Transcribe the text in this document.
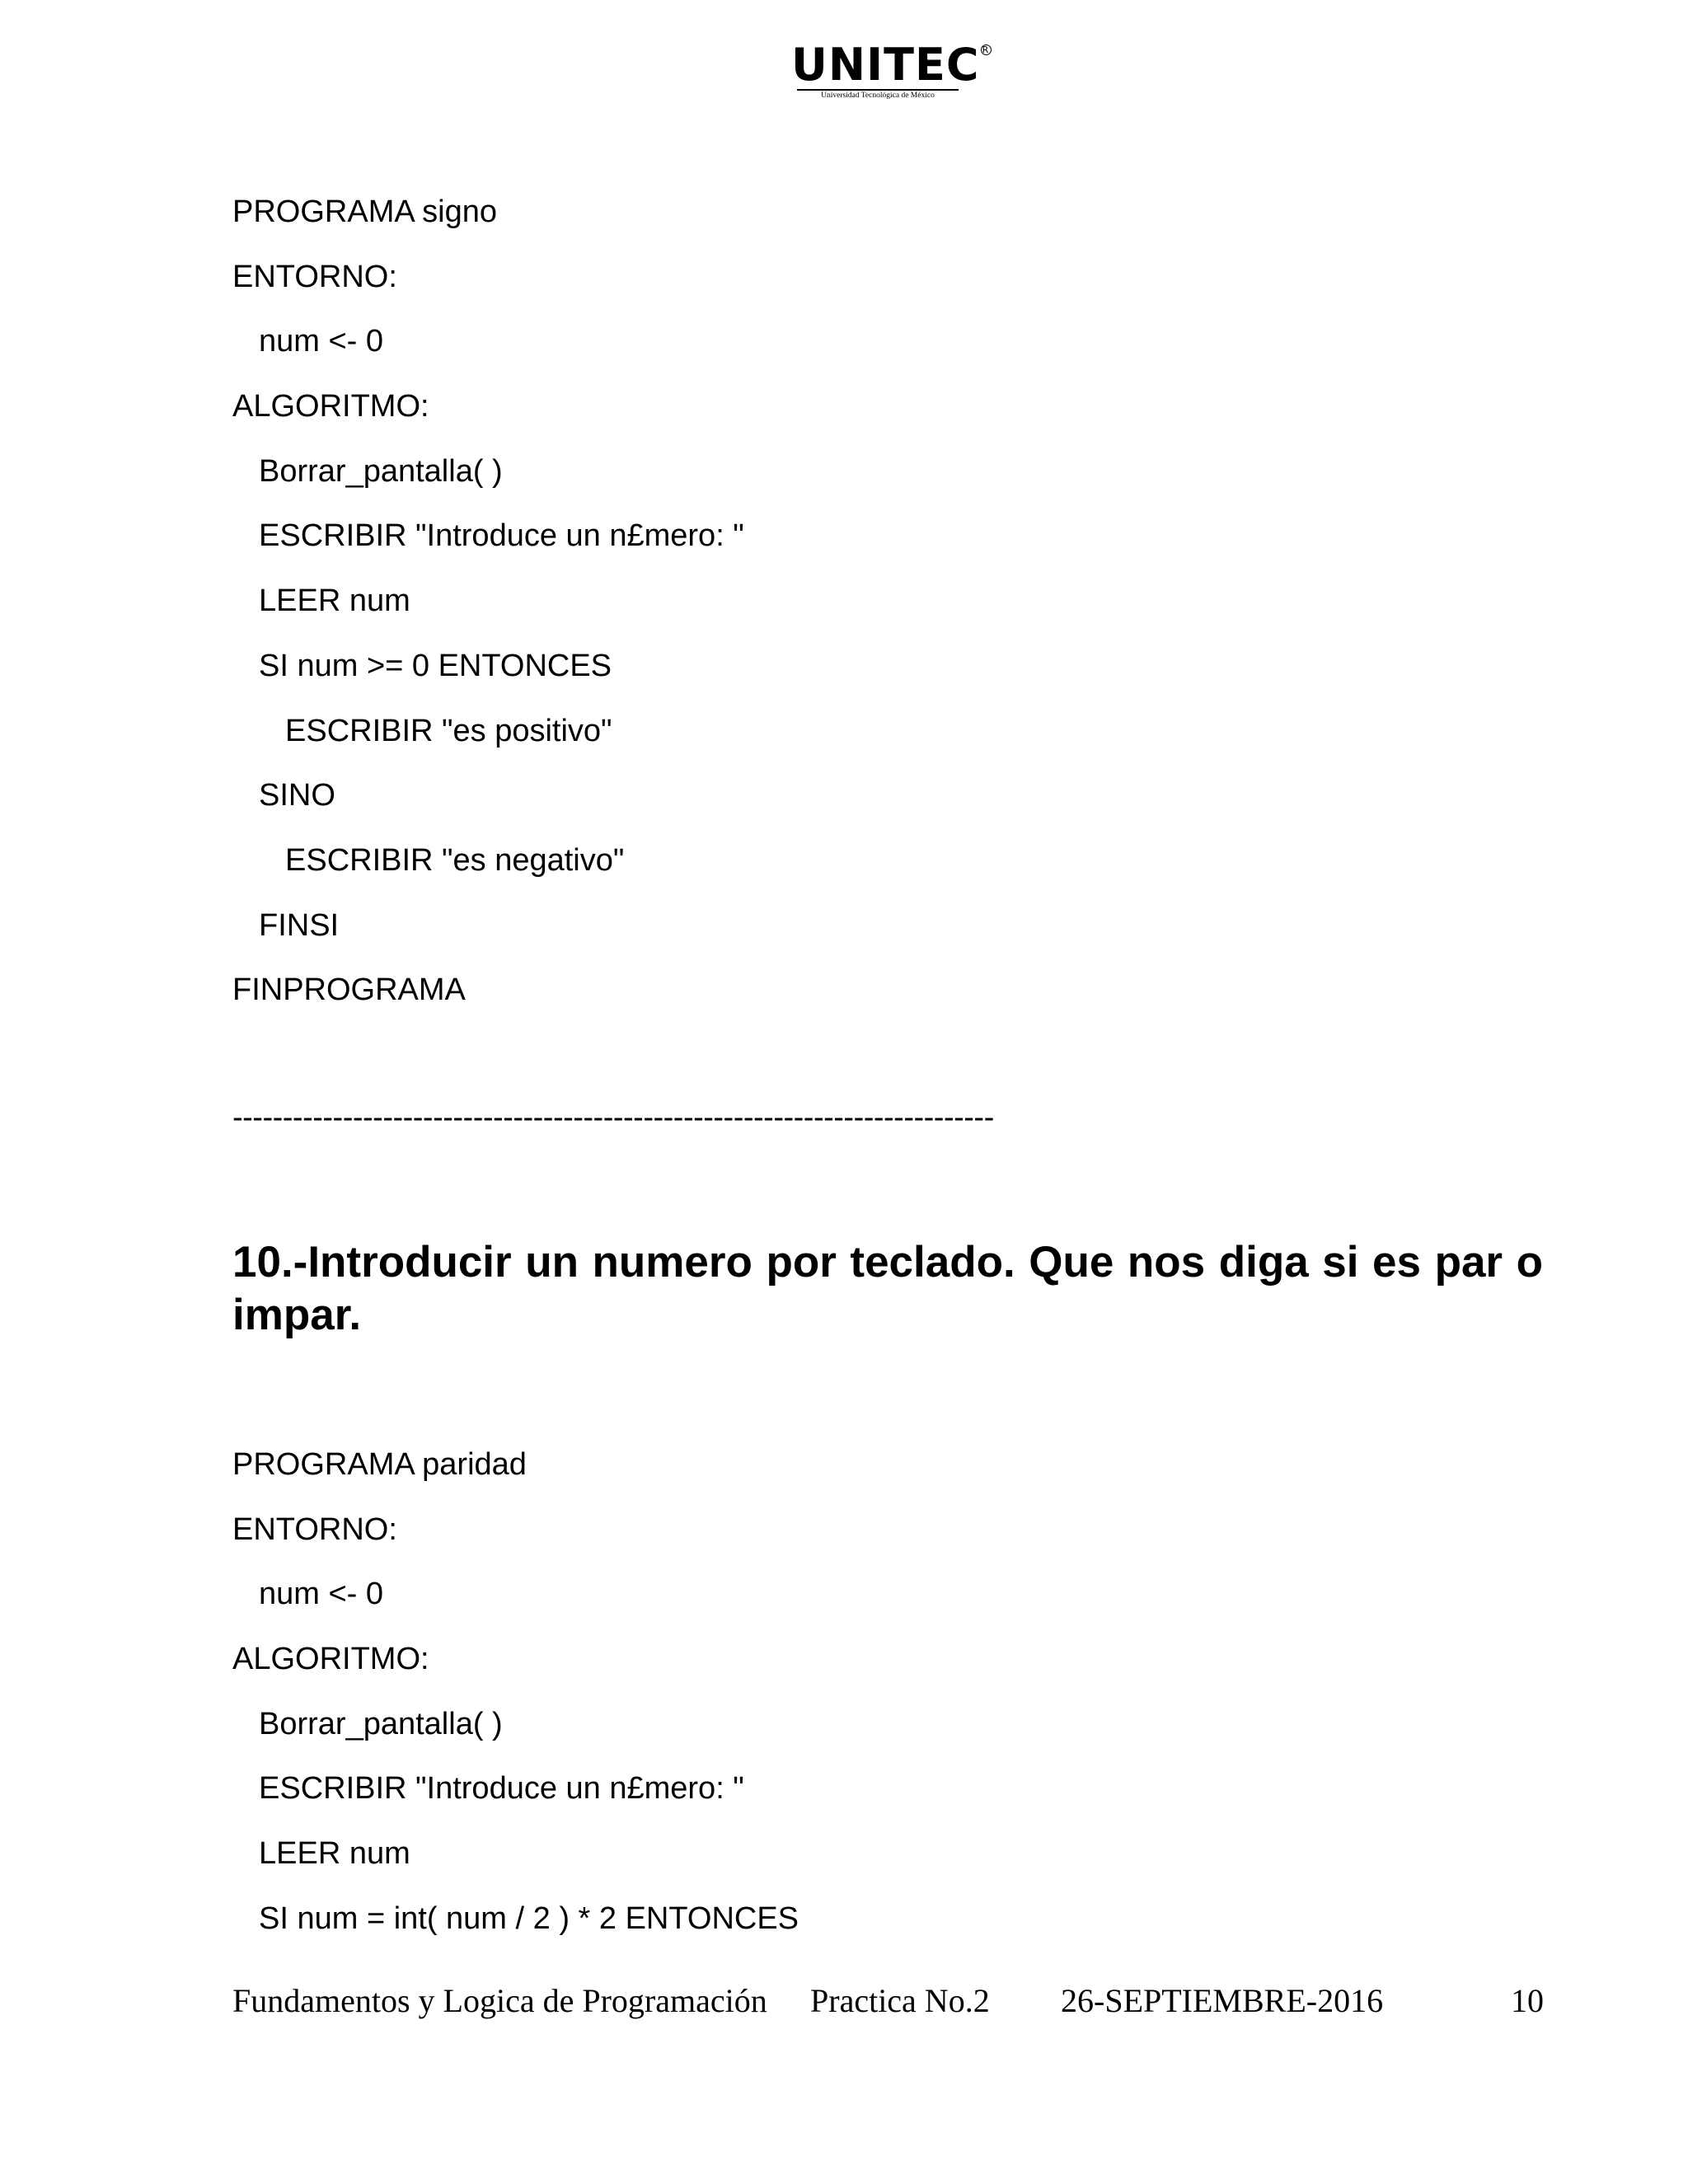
UNITEC R
Universidad Tecnológica de México
PROGRAMA signo
ENTORNO:
num <- 0
ALGORITMO:
Borrar_pantalla( )
ESCRIBIR "Introduce un n£mero: "
LEER num
SI num >= 0 ENTONCES
ESCRIBIR "es positivo"
SINO
ESCRIBIR "es negativo"
FINSI
FINPROGRAMA
----------------------------------------------------------------------------
10.-Introducir un numero por teclado. Que nos diga si es par o impar.
PROGRAMA paridad
ENTORNO:
num <- 0
ALGORITMO:
Borrar_pantalla( )
ESCRIBIR "Introduce un n£mero: "
LEER num
SI num = int( num / 2 ) * 2 ENTONCES
Fundamentos y Logica de Programación Practica No.2 26-SEPTIEMBRE-2016	10
